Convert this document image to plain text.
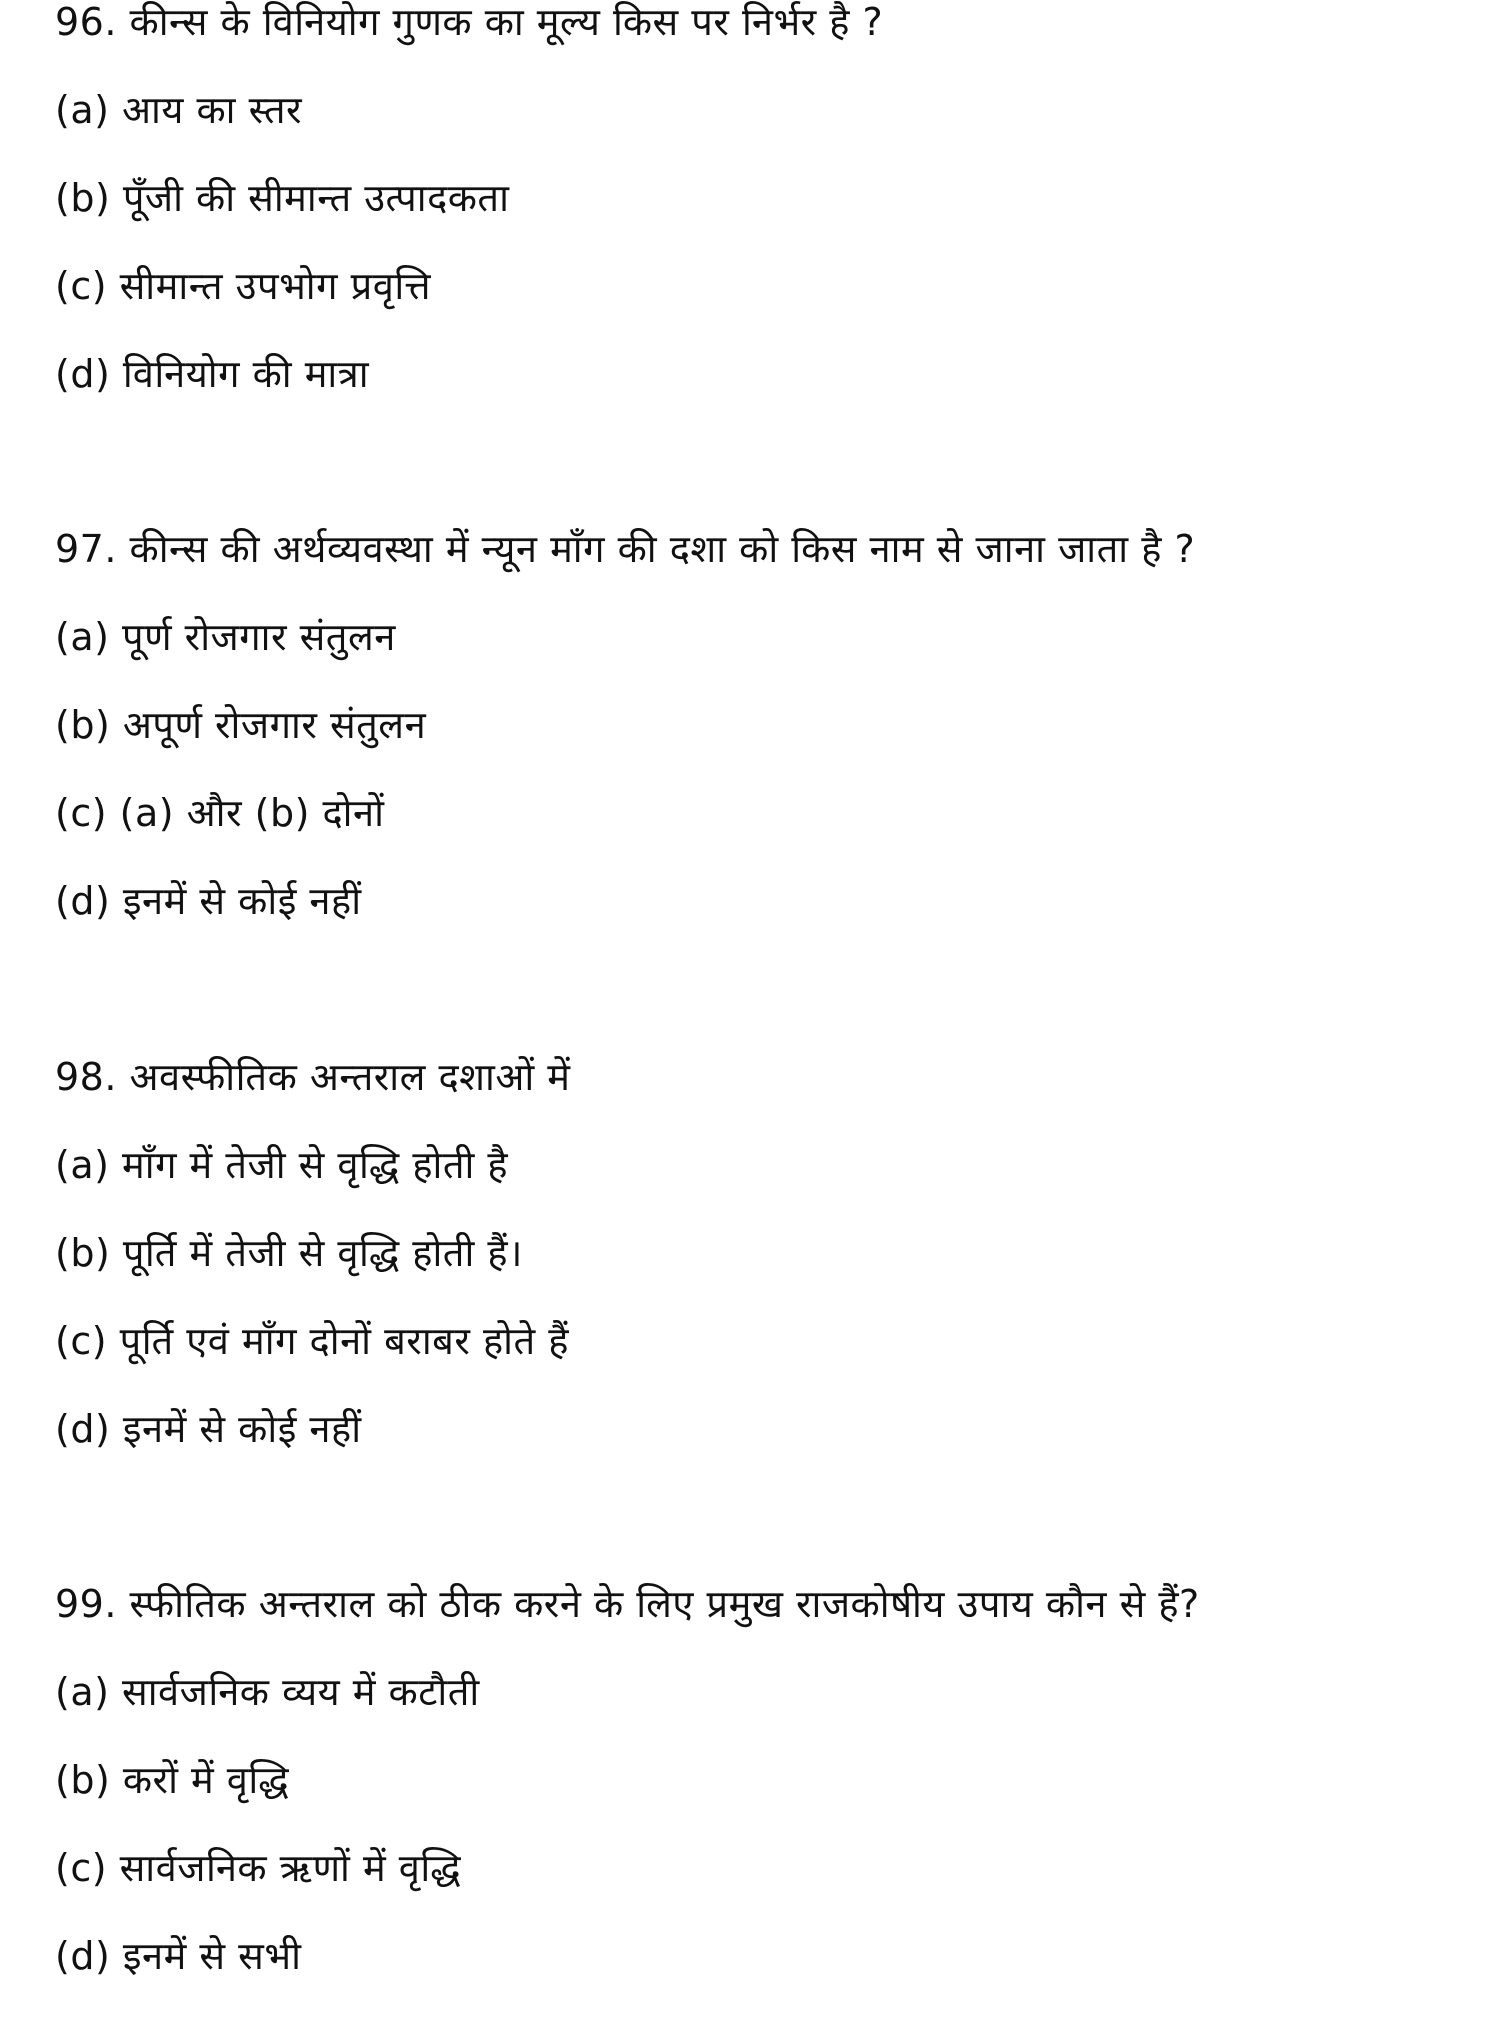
96. कीन्स के विनियोग गुणक का मूल्य किस पर निर्भर है ?
(a) आय का स्तर
(b) पूँजी की सीमान्त उत्पादकता
(c) सीमान्त उपभोग प्रवृत्ति
(d) विनियोग की मात्रा
97. कीन्स की अर्थव्यवस्था में न्यून माँग की दशा को किस नाम से जाना जाता है ?
(a) पूर्ण रोजगार संतुलन
(b) अपूर्ण रोजगार संतुलन
(c) (a) और (b) दोनों
(d) इनमें से कोई नहीं
98. अवस्फीतिक अन्तराल दशाओं में
(a) माँग में तेजी से वृद्धि होती है
(b) पूर्ति में तेजी से वृद्धि होती हैं।
(c) पूर्ति एवं माँग दोनों बराबर होते हैं
(d) इनमें से कोई नहीं
99. स्फीतिक अन्तराल को ठीक करने के लिए प्रमुख राजकोषीय उपाय कौन से हैं?
(a) सार्वजनिक व्यय में कटौती
(b) करों में वृद्धि
(c) सार्वजनिक ऋणों में वृद्धि
(d) इनमें से सभी
